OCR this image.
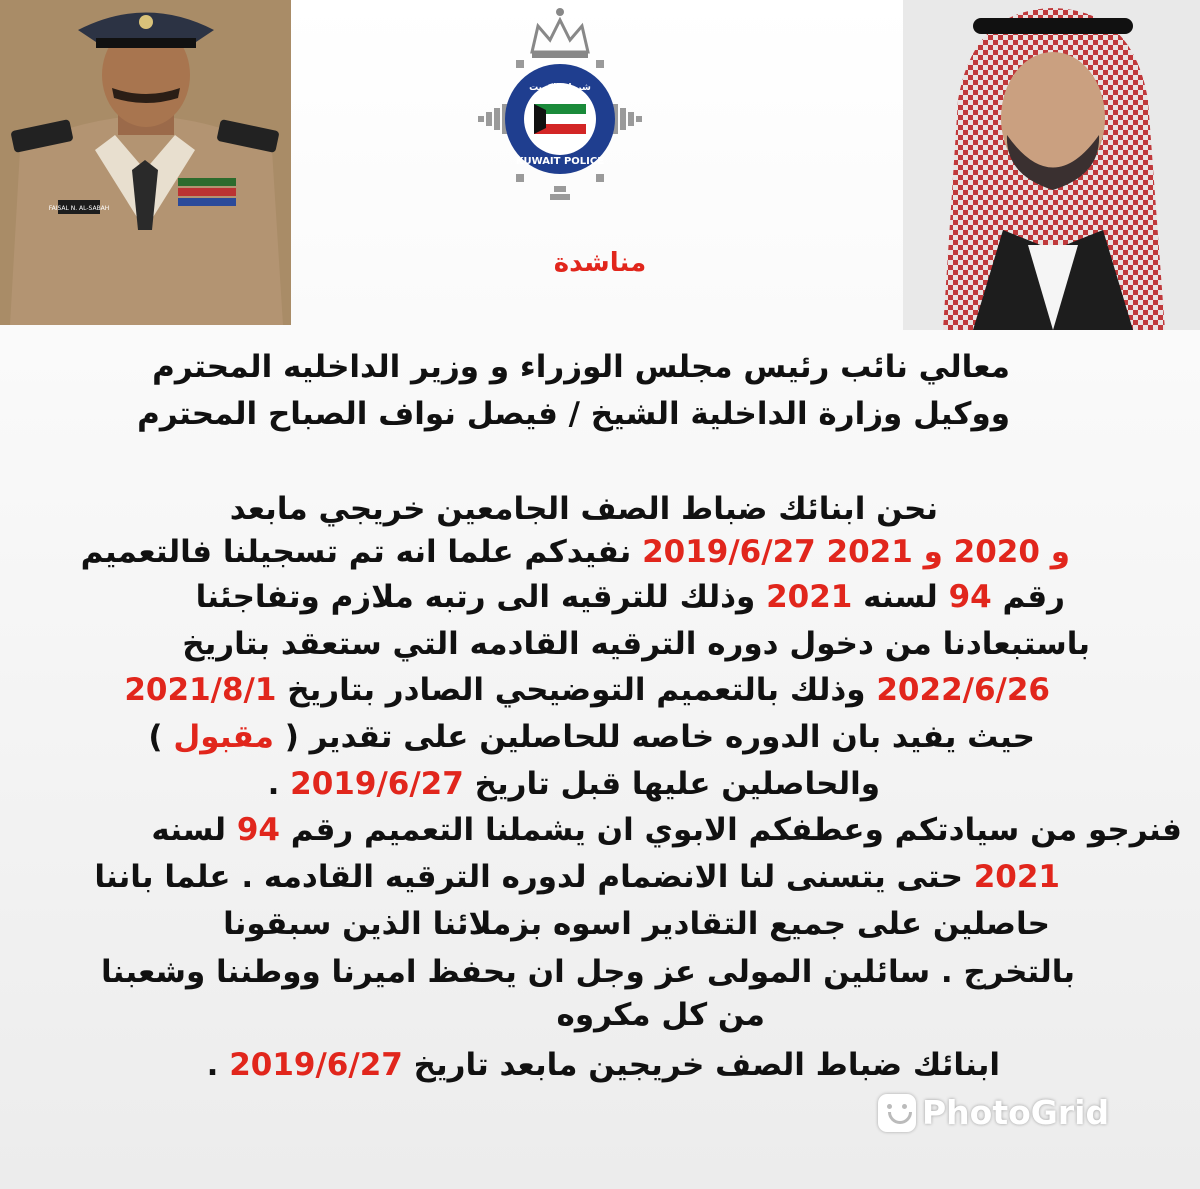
FAISAL N. AL-SABAH
شرطة الكويت
KUWAIT POLICE
مناشدة
معالي نائب رئيس مجلس الوزراء و وزير الداخليه المحترم
ووكيل وزارة الداخلية الشيخ / فيصل نواف الصباح المحترم
نحن ابنائك ضباط الصف الجامعين خريجي مابعد
2019/6/27 و 2020 و 2021 نفيدكم علما انه تم تسجيلنا فالتعميم
رقم 94 لسنه 2021 وذلك للترقيه الى رتبه ملازم وتفاجئنا
باستبعادنا من دخول دوره الترقيه القادمه التي ستعقد بتاريخ
2022/6/26 وذلك بالتعميم التوضيحي الصادر بتاريخ 2021/8/1
حيث يفيد بان الدوره خاصه للحاصلين على تقدير ( مقبول )
والحاصلين عليها قبل تاريخ 2019/6/27 .
فنرجو من سيادتكم وعطفكم الابوي ان يشملنا التعميم رقم 94 لسنه
2021 حتى يتسنى لنا الانضمام لدوره الترقيه القادمه . علما باننا
حاصلين على جميع التقادير اسوه بزملائنا الذين سبقونا
بالتخرج . سائلين المولى عز وجل ان يحفظ اميرنا ووطننا وشعبنا
من كل مكروه
ابنائك ضباط الصف خريجين مابعد تاريخ 2019/6/27 .
PhotoGrid
